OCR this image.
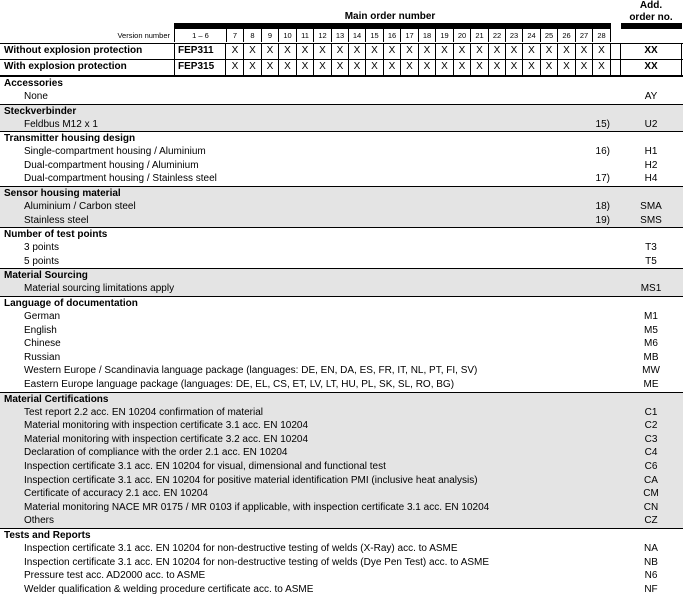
Main order number
Add.
order no.
Version number	1 – 6	7	8	9	10	11	12	13	14	15	16	17	18	19	20	21	22	23	24	25	26	27	28
Without explosion protection	FEP311	X	X	X	X	X	X	X	X	X	X	X	X	X	X	X	X	X	X	X	X	X	X	XX
With explosion protection	FEP315	X	X	X	X	X	X	X	X	X	X	X	X	X	X	X	X	X	X	X	X	X	X	XX
Accessories
None	AY
Steckverbinder
Feldbus M12 x 1	15)	U2
Transmitter housing design
Single-compartment housing / Aluminium	16)	H1
Dual-compartment housing / Aluminium	H2
Dual-compartment housing / Stainless steel	17)	H4
Sensor housing material
Aluminium / Carbon steel	18)	SMA
Stainless steel	19)	SMS
Number of test points
3 points	T3
5 points	T5
Material Sourcing
Material sourcing limitations apply	MS1
Language of documentation
German	M1
English	M5
Chinese	M6
Russian	MB
Western Europe / Scandinavia language package (languages: DE, EN, DA, ES, FR, IT, NL, PT, FI, SV)	MW
Eastern Europe language package (languages: DE, EL, CS, ET, LV, LT, HU, PL, SK, SL, RO, BG)	ME
Material Certifications
Test report 2.2 acc. EN 10204 confirmation of material	C1
Material monitoring with inspection certificate 3.1 acc. EN 10204	C2
Material monitoring with inspection certificate 3.2 acc. EN 10204	C3
Declaration of compliance with the order 2.1 acc. EN 10204	C4
Inspection certificate 3.1 acc. EN 10204 for visual, dimensional and functional test	C6
Inspection certificate 3.1 acc. EN 10204 for positive material identification PMI (inclusive heat analysis)	CA
Certificate of accuracy 2.1 acc. EN 10204	CM
Material monitoring NACE MR 0175 / MR 0103 if applicable, with inspection certificate 3.1 acc. EN 10204	CN
Others	CZ
Tests and Reports
Inspection certificate 3.1 acc. EN 10204 for non-destructive testing of welds (X-Ray) acc. to ASME	NA
Inspection certificate 3.1 acc. EN 10204 for non-destructive testing of welds (Dye Pen Test) acc. to ASME	NB
Pressure test acc. AD2000 acc. to ASME	N6
Welder qualification & welding procedure certificate acc. to ASME	NF
